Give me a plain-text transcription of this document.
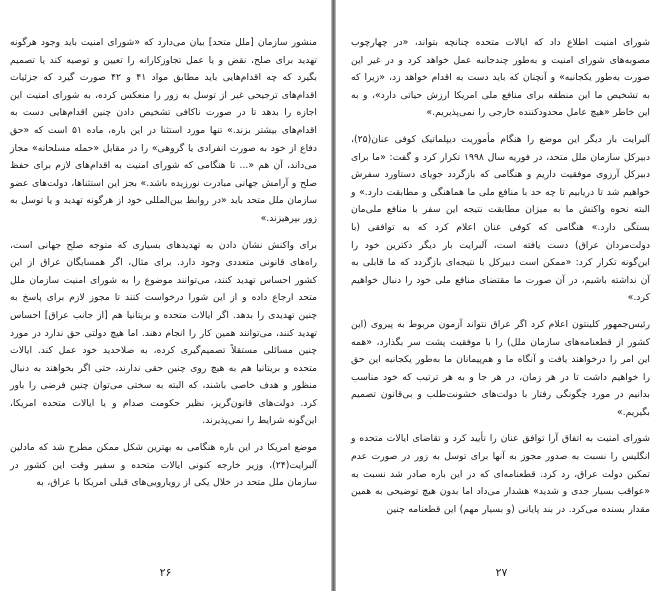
منشور سازمان [ملل متحد] بیان می‌دارد که «شورای امنیت باید وجود هرگونه تهدید برای صلح، نقض و یا عمل تجاوزکارانه را تعیین و توصیه کند یا تصمیم بگیرد که چه اقدام‌هایی باید مطابق مواد ۴۱ و ۴۲ صورت گیرد که جزئیات اقدام‌های ترجیحی غیر از توسل به زور را منعکس کرده، به شورای امنیت این اجازه را بدهد تا در صورت ناکافی تشخیص دادن چنین اقدام‌هایی دست به اقدام‌های بیشتر بزند.» تنها مورد استثنا در این باره، ماده ۵۱ است که «حق دفاع از خود به صورت انفرادی یا گروهی» را در مقابل «حمله مسلحانه» مجاز می‌داند، آن هم «... تا هنگامی که شورای امنیت به اقدام‌های لازم برای حفظ صلح و آرامش جهانی مبادرت نورزیده باشد.» بجز این استثناها، دولت‌های عضو سازمان ملل متحد باید «در روابط بین‌المللی خود از هرگونه تهدید و یا توسل به زور بپرهیزند.»

برای واکنش نشان دادن به تهدیدهای بسیاری که متوجه صلح جهانی است، راه‌های قانونی متعددی وجود دارد. برای مثال، اگر همسایگان عراق از این کشور احساس تهدید کنند، می‌توانند موضوع را به شورای امنیت سازمان ملل متحد ارجاع داده و از این شورا درخواست کنند تا مجوز لازم برای پاسخ به چنین تهدیدی را بدهد. اگر ایالات متحده و بریتانیا هم [از جانب عراق] احساس تهدید کنند، می‌توانند همین کار را انجام دهند. اما هیچ دولتی حق ندارد در مورد چنین مسائلی مستقلاً تصمیم‌گیری کرده، به صلاحدید خود عمل کند. ایالات متحده و بریتانیا هم به هیچ روی چنین حقی ندارند، حتی اگر بخواهند به دنبال منظور و هدف خاصی باشند، که البته به سختی می‌توان چنین فرضی را باور کرد. دولت‌های قانون‌گریز، نظیر حکومت صدام و یا ایالات متحده امریکا، این‌گونه شرایط را نمی‌پذیرند.

موضع امریکا در این باره هنگامی به بهترین شکل ممکن مطرح شد که مادلین آلبرایت(۲۴)، وزیر خارجه کنونی ایالات متحده و سفیر وقت این کشور در سازمان ملل متحد در خلال یکی از رویارویی‌های قبلی امریکا با عراق، به

۲۶

شورای امنیت اطلاع داد که ایالات متحده چنانچه بتواند، «در چهارچوب مصوبه‌های شورای امنیت و به‌طور چندجانبه عمل خواهد کرد و در غیر این صورت به‌طور یکجانبه» و آنچنان که باید دست به اقدام خواهد زد، «زیرا که به تشخیص ما این منطقه برای منافع ملی امریکا ارزش حیاتی دارد»، و به این خاطر «هیچ عامل محدودکننده خارجی را نمی‌پذیریم.»

آلبرایت بار دیگر این موضع را هنگام مأموریت دیپلماتیک کوفی عنان(۲۵)، دبیرکل سازمان ملل متحد، در فوریه سال ۱۹۹۸ تکرار کرد و گفت: «ما برای دبیرکل آرزوی موفقیت داریم و هنگامی که بازگردد جویای دستاورد سفرش خواهیم شد تا دریابیم تا چه حد با منافع ملی ما هماهنگی و مطابقت دارد.» و البته نحوه واکنش ما به میزان مطابقت نتیجه این سفر با منافع ملی‌مان بستگی دارد.» هنگامی که کوفی عنان اعلام کرد که به توافقی (با دولت‌مردان عراق) دست یافته است، آلبرایت بار دیگر دکترین خود را این‌گونه تکرار کرد: «ممکن است دبیرکل با نتیجه‌ای بازگردد که ما قابلی به آن نداشته باشیم، در آن صورت ما مقتضای منافع ملی خود را دنبال خواهیم کرد.»

رئیس‌جمهور کلینتون اعلام کرد اگر عراق نتواند آزمون مربوط به پیروی (این کشور از قطعنامه‌های سازمان ملل) را با موفقیت پشت سر بگذارد، «همه این امر را درخواهند یافت و آنگاه ما و هم‌پیمانان ما به‌طور یکجانبه این حق را خواهیم داشت تا در هر زمان، در هر جا و به هر ترتیب که خود مناسب بدانیم در مورد چگونگی رفتار با دولت‌های خشونت‌طلب و بی‌قانون تصمیم بگیریم.»

شورای امنیت به اتفاق آرا توافق عنان را تأیید کرد و تقاضای ایالات متحده و انگلیس را نسبت به صدور مجوز به آنها برای توسل به زور در صورت عدم تمکین دولت عراق، رد کرد. قطعنامه‌ای که در این باره صادر شد نسبت به «عواقب بسیار جدی و شدید» هشدار می‌داد اما بدون هیچ توضیحی به همین مقدار بسنده می‌کرد. در بند پایانی (و بسیار مهم) این قطعنامه چنین

۲۷
